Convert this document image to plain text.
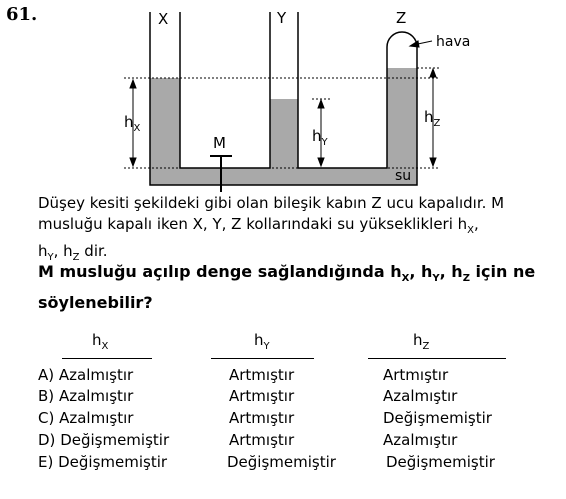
61.	X	Y	Z
hava
M
su
$h_X$	$h_Y$
$h_Z$
Düşey kesiti şekildeki gibi olan bileşik kabın Z ucu kapalıdır. M
musluğu kapalı iken X, Y, Z kollarındaki su yükseklikleri $h_X$,
$h_Y$, $h_Z$ dir.
M musluğu açılıp denge sağlandığında $h_X$, $h_Y$, $h_Z$ için ne
söylenebilir?
$h_X$	$h_Y$	$h_Z$
A) Azalmıştır	Artmıştır	Artmıştır
B) Azalmıştır	Artmıştır	Azalmıştır
C) Azalmıştır	Artmıştır	Değişmemiştir
D) Değişmemiştir	Artmıştır	Azalmıştır
E) Değişmemiştir	Değişmemiştir	Değişmemiştir
